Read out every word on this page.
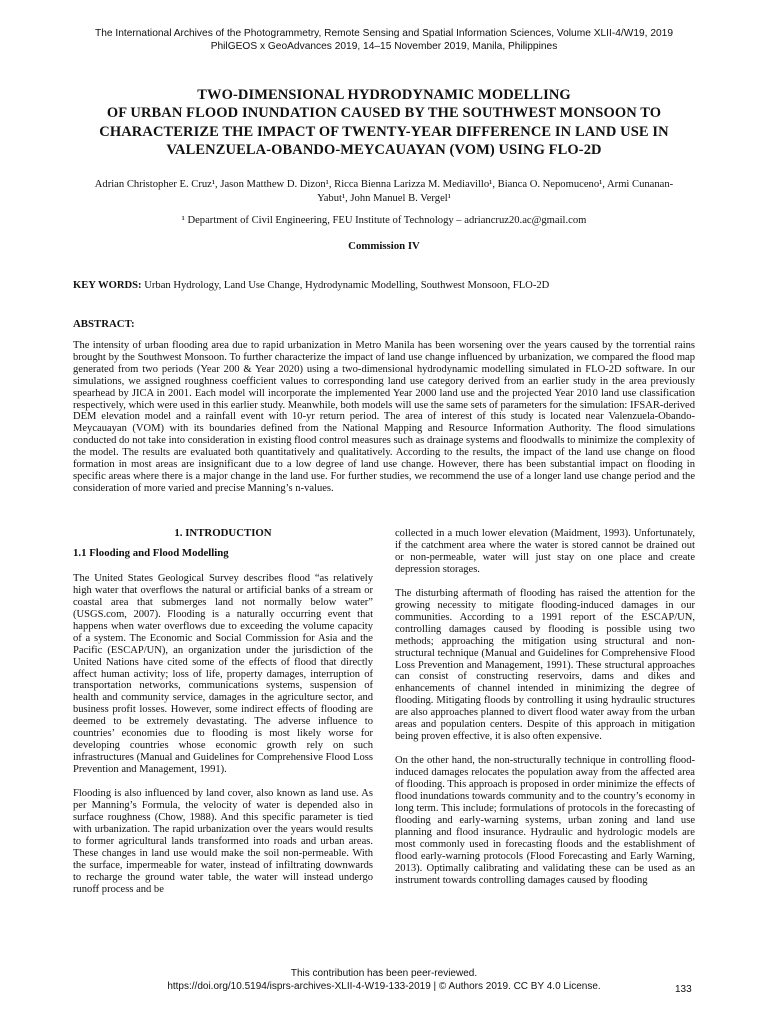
The International Archives of the Photogrammetry, Remote Sensing and Spatial Information Sciences, Volume XLII-4/W19, 2019
PhilGEOS x GeoAdvances 2019, 14–15 November 2019, Manila, Philippines
TWO-DIMENSIONAL HYDRODYNAMIC MODELLING
OF URBAN FLOOD INUNDATION CAUSED BY THE SOUTHWEST MONSOON TO
CHARACTERIZE THE IMPACT OF TWENTY-YEAR DIFFERENCE IN LAND USE IN
VALENZUELA-OBANDO-MEYCAUAYAN (VOM) USING FLO-2D
Adrian Christopher E. Cruz¹, Jason Matthew D. Dizon¹, Ricca Bienna Larizza M. Mediavillo¹, Bianca O. Nepomuceno¹, Armi Cunanan-Yabut¹, John Manuel B. Vergel¹
¹ Department of Civil Engineering, FEU Institute of Technology – adriancruz20.ac@gmail.com
Commission IV
KEY WORDS: Urban Hydrology, Land Use Change, Hydrodynamic Modelling, Southwest Monsoon, FLO-2D
ABSTRACT:
The intensity of urban flooding area due to rapid urbanization in Metro Manila has been worsening over the years caused by the torrential rains brought by the Southwest Monsoon. To further characterize the impact of land use change influenced by urbanization, we compared the flood map generated from two periods (Year 200 & Year 2020) using a two-dimensional hydrodynamic modelling simulated in FLO-2D software. In our simulations, we assigned roughness coefficient values to corresponding land use category derived from an earlier study in the area previously spearhead by JICA in 2001. Each model will incorporate the implemented Year 2000 land use and the projected Year 2010 land use classification respectively, which were used in this earlier study. Meanwhile, both models will use the same sets of parameters for the simulation: IFSAR-derived DEM elevation model and a rainfall event with 10-yr return period. The area of interest of this study is located near Valenzuela-Obando-Meycauayan (VOM) with its boundaries defined from the National Mapping and Resource Information Authority. The flood simulations conducted do not take into consideration in existing flood control measures such as drainage systems and floodwalls to minimize the complexity of the model. The results are evaluated both quantitatively and qualitatively. According to the results, the impact of the land use change on flood formation in most areas are insignificant due to a low degree of land use change. However, there has been substantial impact on flooding in specific areas where there is a major change in the land use. For further studies, we recommend the use of a longer land use change period and the consideration of more varied and precise Manning’s n-values.
1. INTRODUCTION
1.1 Flooding and Flood Modelling

The United States Geological Survey describes flood “as relatively high water that overflows the natural or artificial banks of a stream or coastal area that submerges land not normally below water” (USGS.com, 2007). Flooding is a naturally occurring event that happens when water overflows due to exceeding the volume capacity of a system. The Economic and Social Commission for Asia and the Pacific (ESCAP/UN), an organization under the jurisdiction of the United Nations have cited some of the effects of flood that directly affect human activity; loss of life, property damages, interruption of transportation networks, communications systems, suspension of health and community service, damages in the agriculture sector, and business profit losses. However, some indirect effects of flooding are deemed to be extremely devastating. The adverse influence to countries’ economies due to flooding is most likely worse for developing countries whose economic growth rely on such infrastructures (Manual and Guidelines for Comprehensive Flood Loss Prevention and Management, 1991).

Flooding is also influenced by land cover, also known as land use. As per Manning’s Formula, the velocity of water is depended also in surface roughness (Chow, 1988). And this specific parameter is tied with urbanization. The rapid urbanization over the years would results to former agricultural lands transformed into roads and urban areas. These changes in land use would make the soil non-permeable. With the surface, impermeable for water, instead of infiltrating downwards to recharge the ground water table, the water will instead undergo runoff process and be

collected in a much lower elevation (Maidment, 1993). Unfortunately, if the catchment area where the water is stored cannot be drained out or non-permeable, water will just stay on one place and create depression storages.

The disturbing aftermath of flooding has raised the attention for the growing necessity to mitigate flooding-induced damages in our communities. According to a 1991 report of the ESCAP/UN, controlling damages caused by flooding is possible using two methods; approaching the mitigation using structural and non-structural technique (Manual and Guidelines for Comprehensive Flood Loss Prevention and Management, 1991). These structural approaches can consist of constructing reservoirs, dams and dikes and enhancements of channel intended in minimizing the degree of flooding. Mitigating floods by controlling it using hydraulic structures are also approaches planned to divert flood water away from the urban areas and population centers. Despite of this approach in mitigation being proven effective, it is also often expensive.

On the other hand, the non-structurally technique in controlling flood-induced damages relocates the population away from the affected area of flooding. This approach is proposed in order minimize the effects of flood inundations towards community and to the country’s economy in long term. This include; formulations of protocols in the forecasting of flooding and early-warning systems, urban zoning and land use planning and flood insurance. Hydraulic and hydrologic models are most commonly used in forecasting floods and the establishment of flood early-warning protocols (Flood Forecasting and Early Warning, 2013). Optimally calibrating and validating these can be used as an instrument towards controlling damages caused by flooding

This contribution has been peer-reviewed.
https://doi.org/10.5194/isprs-archives-XLII-4-W19-133-2019 | © Authors 2019. CC BY 4.0 License.	133
